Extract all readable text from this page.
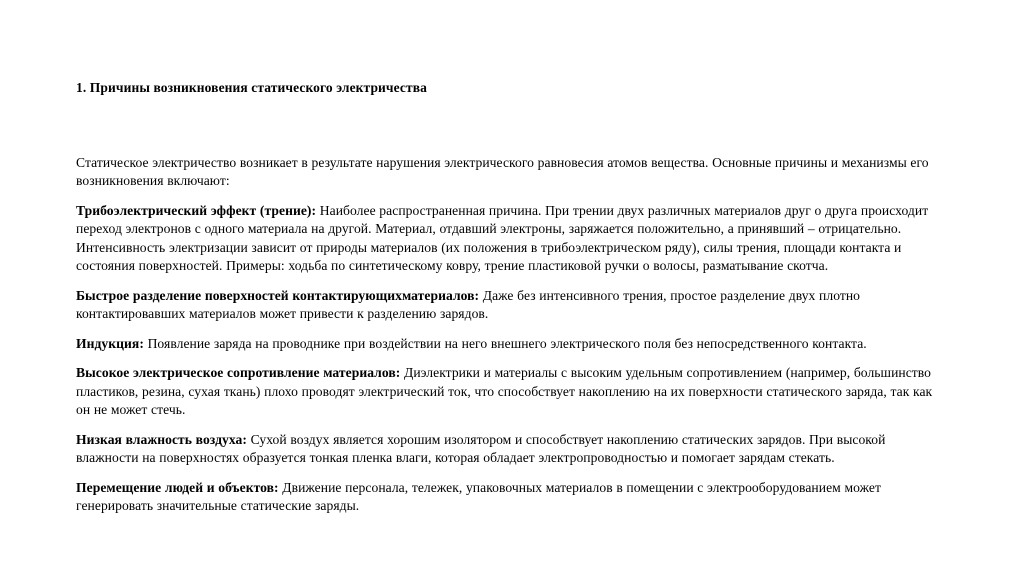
1. Причины возникновения статического электричества

Статическое электричество возникает в результате нарушения электрического равновесия атомов вещества. Основные причины и механизмы его возникновения включают:

Трибоэлектрический эффект (трение): Наиболее распространенная причина. При трении двух различных материалов друг о друга происходит переход электронов с одного материала на другой. Материал, отдавший электроны, заряжается положительно, а принявший – отрицательно. Интенсивность электризации зависит от природы материалов (их положения в трибоэлектрическом ряду), силы трения, площади контакта и состояния поверхностей. Примеры: ходьба по синтетическому ковру, трение пластиковой ручки о волосы, разматывание скотча.

Быстрое разделение поверхностей контактирующихматериалов: Даже без интенсивного трения, простое разделение двух плотно контактировавших материалов может привести к разделению зарядов.

Индукция: Появление заряда на проводнике при воздействии на него внешнего электрического поля без непосредственного контакта.

Высокое электрическое сопротивление материалов: Диэлектрики и материалы с высоким удельным сопротивлением (например, большинство пластиков, резина, сухая ткань) плохо проводят электрический ток, что способствует накоплению на их поверхности статического заряда, так как он не может стечь.

Низкая влажность воздуха: Сухой воздух является хорошим изолятором и способствует накоплению статических зарядов. При высокой влажности на поверхностях образуется тонкая пленка влаги, которая обладает электропроводностью и помогает зарядам стекать.

Перемещение людей и объектов: Движение персонала, тележек, упаковочных материалов в помещении с электрооборудованием может генерировать значительные статические заряды.
